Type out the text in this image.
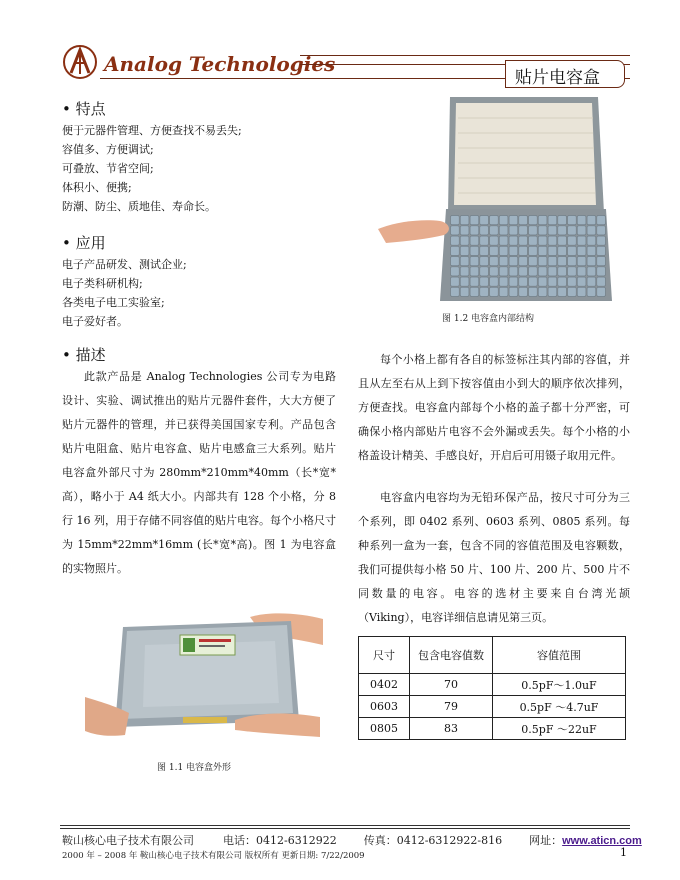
Analog Technologies
贴片电容盒
• 特点
便于元器件管理、方便查找不易丢失;
容值多、方便调试;
可叠放、节省空间;
体积小、便携;
防潮、防尘、质地佳、寿命长。
• 应用
电子产品研发、测试企业;
电子类科研机构;
各类电子电工实验室;
电子爱好者。
• 描述
此款产品是 Analog Technologies 公司专为电路设计、实验、调试推出的贴片元器件套件，大大方便了贴片元器件的管理，并已获得美国国家专利。产品包含贴片电阻盒、贴片电容盒、贴片电感盒三大系列。贴片电容盒外部尺寸为 280mm*210mm*40mm（长*宽*高），略小于 A4 纸大小。内部共有 128 个小格，分 8 行 16 列，用于存储不同容值的贴片电容。每个小格尺寸为 15mm*22mm*16mm (长*宽*高)。图 1 为电容盒的实物照片。
图 1.1 电容盒外形
图 1.2 电容盒内部结构
每个小格上都有各自的标签标注其内部的容值，并且从左至右从上到下按容值由小到大的顺序依次排列，方便查找。电容盒内部每个小格的盖子都十分严密，可确保小格内部贴片电容不会外漏或丢失。每个小格的小格盖设计精美、手感良好，开启后可用镊子取用元件。
电容盒内电容均为无铅环保产品，按尺寸可分为三个系列，即 0402 系列、0603 系列、0805 系列。每种系列一盒为一套，包含不同的容值范围及电容颗数，我们可提供每小格 50 片、100 片、200 片、500 片不同数量的电容。电容的选材主要来自台湾光颉（Viking），电容详细信息请见第三页。
尺寸	包含电容值数	容值范围
0402	70	0.5pF～1.0uF
0603	79	0.5pF ～4.7uF
0805	83	0.5pF ～22uF
鞍山核心电子技术有限公司	电话：0412-6312922 传真：0412-6312922-816 网址：www.aticn.com
2000 年 – 2008 年 鞍山核心电子技术有限公司 版权所有 更新日期: 7/22/2009	1
